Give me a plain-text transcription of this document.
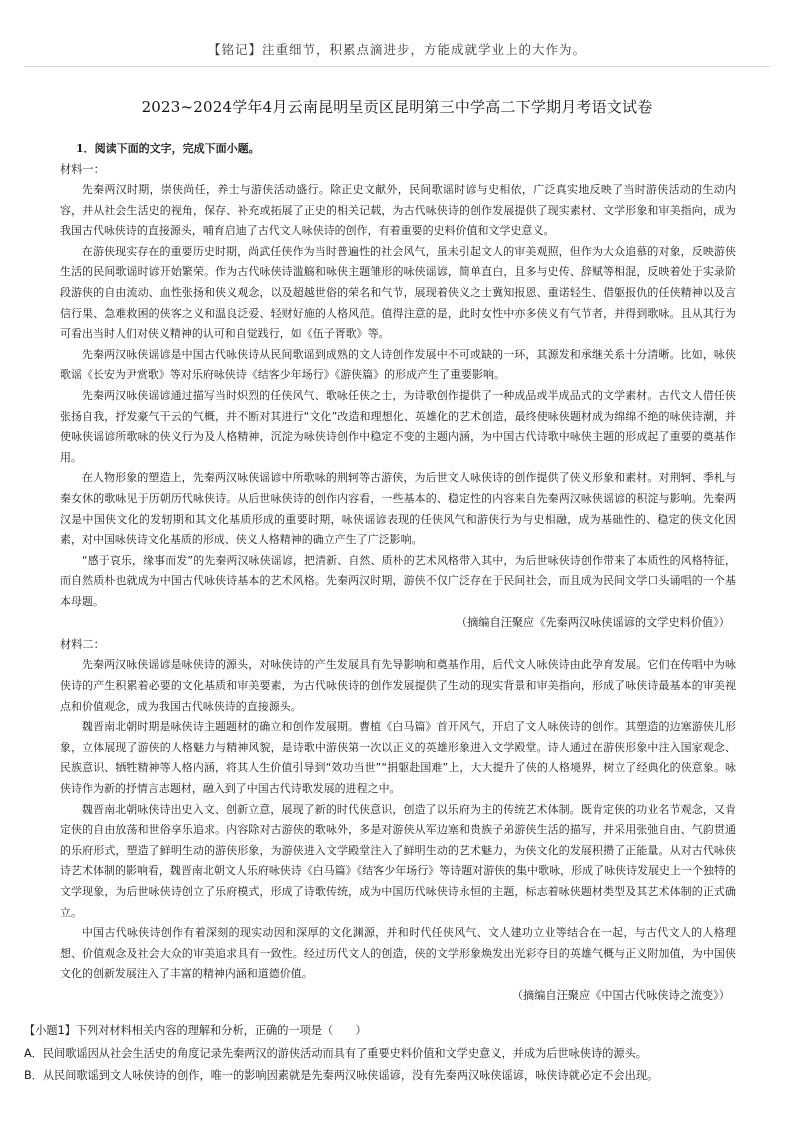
【铭记】注重细节，积累点滴进步，方能成就学业上的大作为。
2023~2024学年4月云南昆明呈贡区昆明第三中学高二下学期月考语文试卷
1．阅读下面的文字，完成下面小题。
材料一：

先秦两汉时期，崇侠尚任，养士与游侠活动盛行。除正史文献外，民间歌谣时谚与史相依，广泛真实地反映了当时游侠活动的生动内容，并从社会生活史的视角，保存、补充或拓展了正史的相关记载，为古代咏侠诗的创作发展提供了现实素材、文学形象和审美指向，成为我国古代咏侠诗的直接源头，哺育启迪了古代文人咏侠诗的创作，有着重要的史料价值和文学史意义。

在游侠现实存在的重要历史时期，尚武任侠作为当时普遍性的社会风气，虽未引起文人的审美观照，但作为大众追慕的对象，反映游侠生活的民间歌谣时谚开始繁荣。作为古代咏侠诗滥觞和咏侠主题雏形的咏侠谣谚，简单直白，且多与史传、辞赋等相混，反映着处于实录阶段游侠的自由流动、血性张扬和侠义观念，以及超越世俗的荣名和气节，展现着侠义之士冀知报恩、重诺轻生、借躯报仇的任侠精神以及言信行果、急难救困的侠客之义和温良泛爱、轻财好施的人格风范。值得注意的是，此时女性中亦多侠义有气节者，并得到歌咏。且从其行为可看出当时人们对侠义精神的认可和自觉践行，如《伍子胥歌》等。

先秦两汉咏侠谣谚是中国古代咏侠诗从民间歌谣到成熟的文人诗创作发展中不可或缺的一环，其源发和承继关系十分清晰。比如，咏侠歌谣《长安为尹赏歌》等对乐府咏侠诗《结客少年场行》《游侠篇》的形成产生了重要影响。

先秦两汉咏侠谣谚通过描写当时炽烈的任侠风气、歌咏任侠之士，为诗歌创作提供了一种成品或半成品式的文学素材。古代文人借任侠张扬自我，抒发豪气干云的气概，并不断对其进行“文化”改造和理想化、英雄化的艺术创造，最终使咏侠题材成为绵绵不绝的咏侠诗潮，并使咏侠谣谚所歌咏的侠义行为及人格精神，沉淀为咏侠诗创作中稳定不变的主题内涵，为中国古代诗歌中咏侠主题的形成起了重要的奠基作用。

在人物形象的塑造上，先秦两汉咏侠谣谚中所歌咏的荆轲等古游侠，为后世文人咏侠诗的创作提供了侠义形象和素材。对荆轲、季札与秦女休的歌咏见于历朝历代咏侠诗。从后世咏侠诗的创作内容看，一些基本的、稳定性的内容来自先秦两汉咏侠谣谚的积淀与影响。先秦两汉是中国侠文化的发轫期和其文化基质形成的重要时期，咏侠谣谚表现的任侠风气和游侠行为与史相融，成为基础性的、稳定的侠文化因素，对中国咏侠诗文化基质的形成、侠义人格精神的确立产生了广泛影响。

“感于哀乐，缘事而发”的先秦两汉咏侠谣谚，把清新、自然、质朴的艺术风格带入其中，为后世咏侠诗创作带来了本质性的风格特征，而自然质朴也就成为中国古代咏侠诗基本的艺术风格。先秦两汉时期，游侠不仅广泛存在于民间社会，而且成为民间文学口头诵唱的一个基本母题。

（摘编自汪聚应《先秦两汉咏侠谣谚的文学史料价值》）
材料二：

先秦两汉咏侠谣谚是咏侠诗的源头，对咏侠诗的产生发展具有先导影响和奠基作用，后代文人咏侠诗由此孕育发展。它们在传唱中为咏侠诗的产生积累着必要的文化基质和审美要素，为古代咏侠诗的创作发展提供了生动的现实背景和审美指向，形成了咏侠诗最基本的审美视点和价值观念，成为我国古代咏侠诗的直接源头。

魏晋南北朝时期是咏侠诗主题题材的确立和创作发展期。曹植《白马篇》首开风气，开启了文人咏侠诗的创作。其塑造的边塞游侠儿形象，立体展现了游侠的人格魅力与精神风貌，是诗歌中游侠第一次以正义的英雄形象进入文学殿堂。诗人通过在游侠形象中注入国家观念、民族意识、牺牲精神等人格内涵，将其人生价值引导到“效功当世”“捐躯赴国难”上，大大提升了侠的人格境界，树立了经典化的侠意象。咏侠诗作为新的抒情言志题材，融入到了中国古代诗歌发展的进程之中。

魏晋南北朝咏侠诗出史入文、创新立意，展现了新的时代侠意识，创造了以乐府为主的传统艺术体制。既肯定侠的功业名节观念，又肯定侠的自由放荡和世俗享乐追求。内容除对古游侠的歌咏外，多是对游侠从军边塞和贵族子弟游侠生活的描写，并采用张弛自由、气韵贯通的乐府形式，塑造了鲜明生动的游侠形象，为游侠进入文学殿堂注入了鲜明生动的艺术魅力，为侠文化的发展积攒了正能量。从对古代咏侠诗艺术体制的影响看，魏晋南北朝文人乐府咏侠诗《白马篇》《结客少年场行》等诗题对游侠的集中歌咏，形成了咏侠诗发展史上一个独特的文学现象，为后世咏侠诗创立了乐府模式，形成了诗歌传统，成为中国历代咏侠诗永恒的主题，标志着咏侠题材类型及其艺术体制的正式确立。

中国古代咏侠诗创作有着深刻的现实动因和深厚的文化渊源，并和时代任侠风气、文人建功立业等结合在一起，与古代文人的人格理想、价值观念及社会大众的审美追求具有一致性。经过历代文人的创造，侠的文学形象焕发出光彩夺目的英雄气概与正义附加值，为中国侠文化的创新发展注入了丰富的精神内涵和道德价值。

（摘编自汪聚应《中国古代咏侠诗之流变》）
【小题1】下列对材料相关内容的理解和分析，正确的一项是（　　）
A．民间歌谣因从社会生活史的角度记录先秦两汉的游侠活动而具有了重要史料价值和文学史意义，并成为后世咏侠诗的源头。
B．从民间歌谣到文人咏侠诗的创作，唯一的影响因素就是先秦两汉咏侠谣谚，没有先秦两汉咏侠谣谚，咏侠诗就必定不会出现。
